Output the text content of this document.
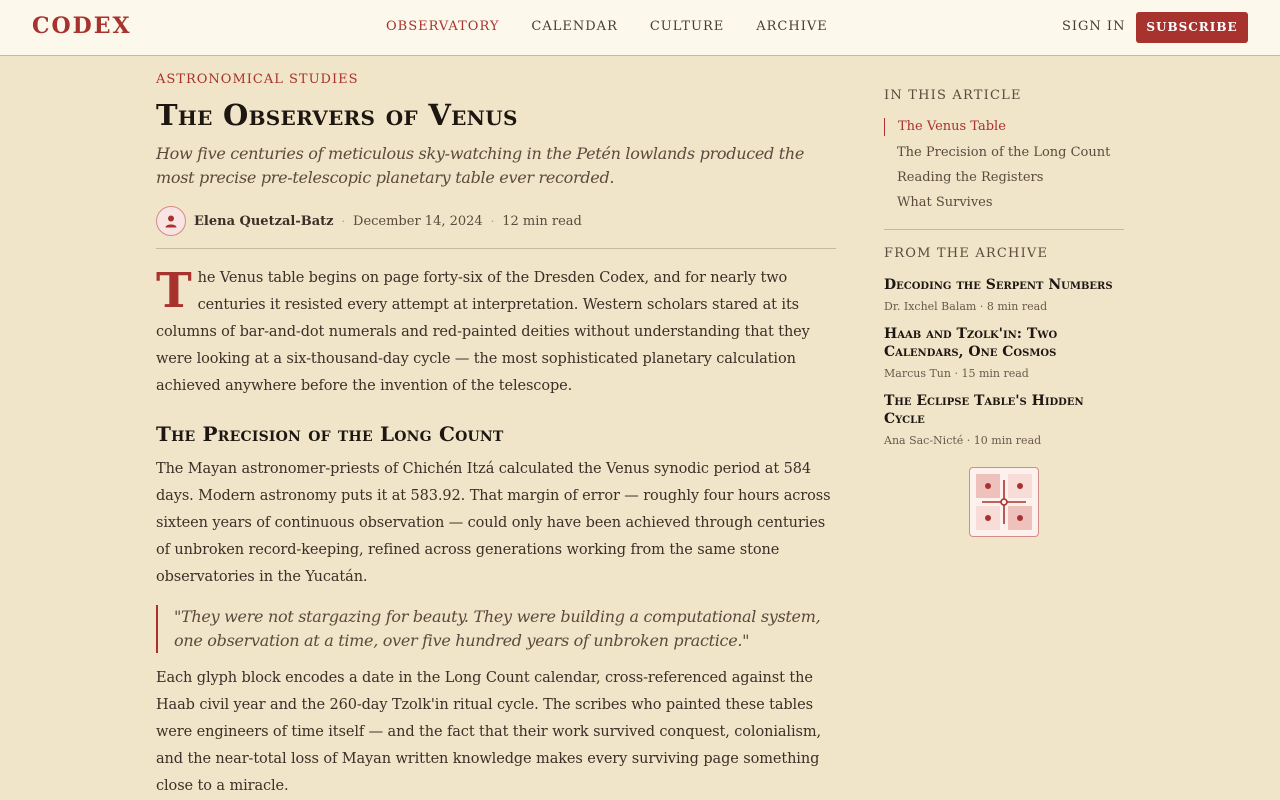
CODEX	OBSERVATORY CALENDAR CULTURE ARCHIVE	SIGN IN	SUBSCRIBE
ASTRONOMICAL STUDIES
The Observers of Venus

How five centuries of meticulous sky-watching in the Petén lowlands produced the most precise pre-telescopic planetary table ever recorded.

Elena Quetzal-Batz · December 14, 2024 · 12 min read
T he Venus table begins on page forty-six of the Dresden Codex, and for nearly two centuries it resisted every attempt at interpretation. Western scholars stared at its columns of bar-and-dot numerals and red-painted deities without understanding that they were looking at a six-thousand-day cycle — the most sophisticated planetary calculation achieved anywhere before the invention of the telescope.
The Precision of the Long Count

The Mayan astronomer-priests of Chichén Itzá calculated the Venus synodic period at 584 days. Modern astronomy puts it at 583.92. That margin of error — roughly four hours across sixteen years of continuous observation — could only have been achieved through centuries of unbroken record-keeping, refined across generations working from the same stone observatories in the Yucatán.

"They were not stargazing for beauty. They were building a computational system, one observation at a time, over five hundred years of unbroken practice."

Each glyph block encodes a date in the Long Count calendar, cross-referenced against the Haab civil year and the 260-day Tzolk'in ritual cycle. The scribes who painted these tables were engineers of time itself — and the fact that their work survived conquest, colonialism, and the near-total loss of Mayan written knowledge makes every surviving page something close to a miracle.

IN THIS ARTICLE
The Venus Table
The Precision of the Long Count
Reading the Registers
What Survives
FROM THE ARCHIVE
Decoding the Serpent Numbers
Dr. Ixchel Balam · 8 min read
Haab and Tzolk'in: Two Calendars, One Cosmos
Marcus Tun · 15 min read
The Eclipse Table's Hidden Cycle
Ana Sac-Nicté · 10 min read
